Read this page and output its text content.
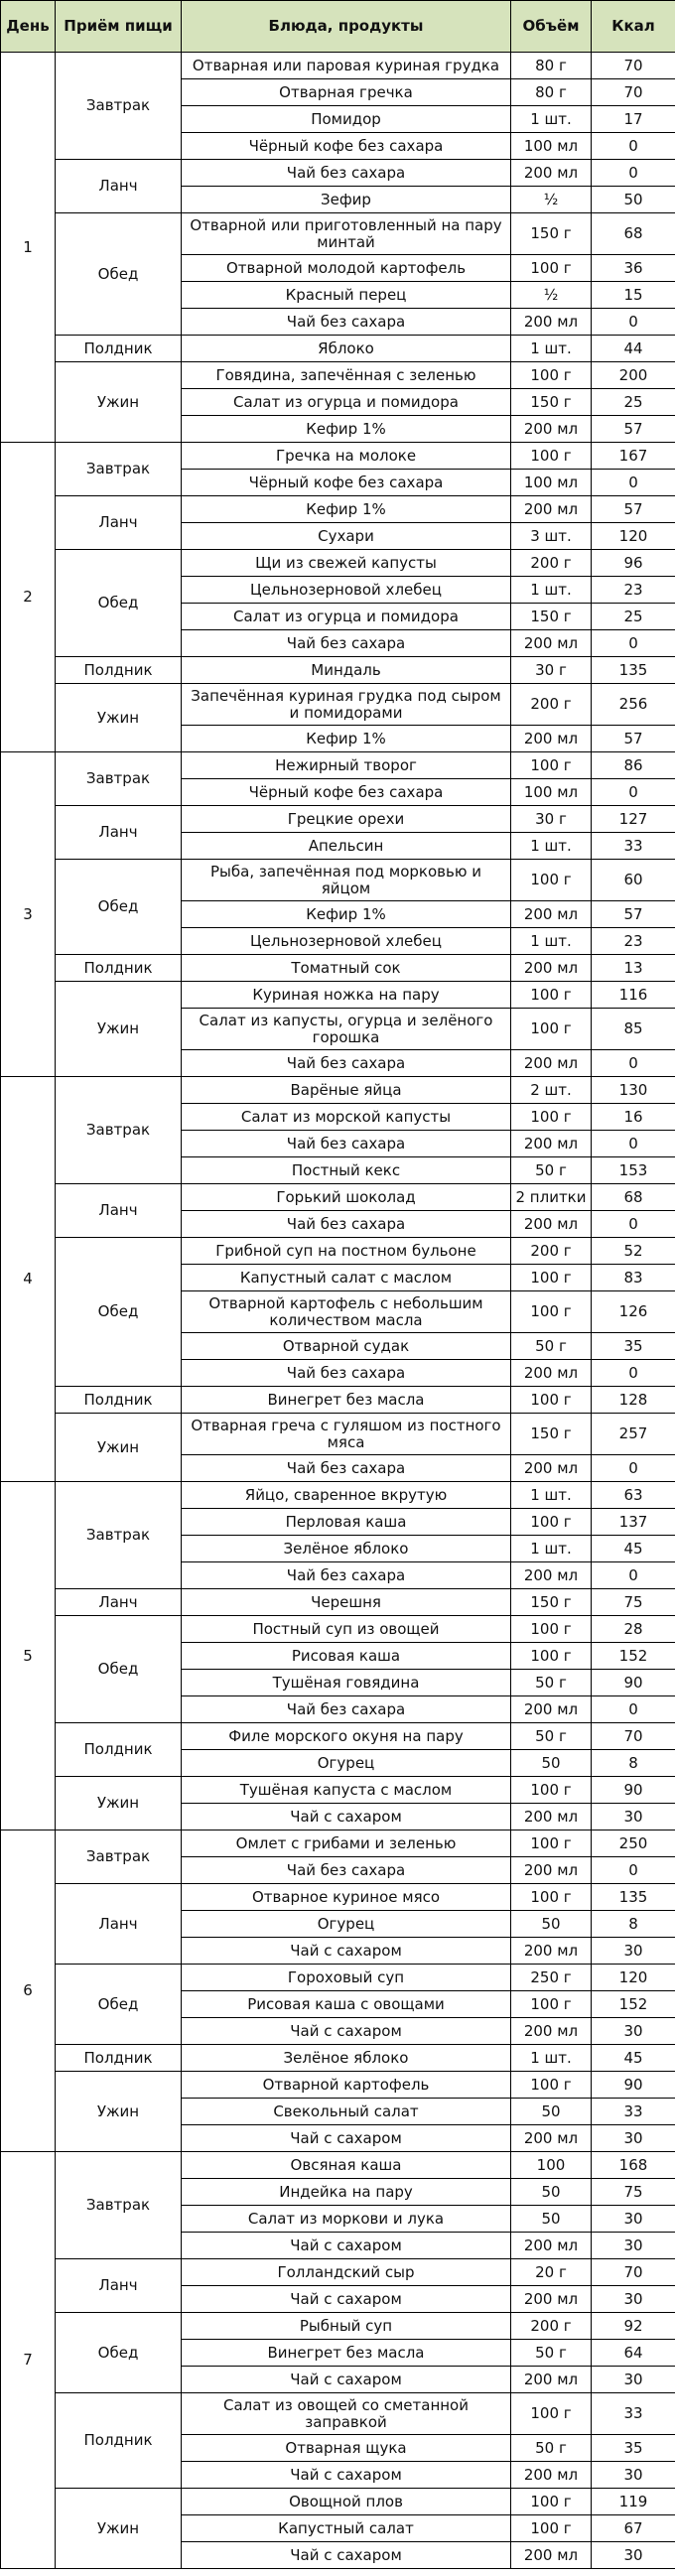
День	Приём пищи	Блюда, продукты	Объём	Ккал
1	Завтрак	Отварная или паровая куриная грудка	80 г	70
		Отварная гречка	80 г	70
		Помидор	1 шт.	17
		Чёрный кофе без сахара	100 мл	0
	Ланч	Чай без сахара	200 мл	0
		Зефир	½	50
	Обед	Отварной или приготовленный на пару минтай	150 г	68
		Отварной молодой картофель	100 г	36
		Красный перец	½	15
		Чай без сахара	200 мл	0
	Полдник	Яблоко	1 шт.	44
	Ужин	Говядина, запечённая с зеленью	100 г	200
		Салат из огурца и помидора	150 г	25
		Кефир 1%	200 мл	57
2	Завтрак	Гречка на молоке	100 г	167
		Чёрный кофе без сахара	100 мл	0
	Ланч	Кефир 1%	200 мл	57
		Сухари	3 шт.	120
	Обед	Щи из свежей капусты	200 г	96
		Цельнозерновой хлебец	1 шт.	23
		Салат из огурца и помидора	150 г	25
		Чай без сахара	200 мл	0
	Полдник	Миндаль	30 г	135
	Ужин	Запечённая куриная грудка под сыром и помидорами	200 г	256
		Кефир 1%	200 мл	57
3	Завтрак	Нежирный творог	100 г	86
		Чёрный кофе без сахара	100 мл	0
	Ланч	Грецкие орехи	30 г	127
		Апельсин	1 шт.	33
	Обед	Рыба, запечённая под морковью и яйцом	100 г	60
		Кефир 1%	200 мл	57
		Цельнозерновой хлебец	1 шт.	23
	Полдник	Томатный сок	200 мл	13
	Ужин	Куриная ножка на пару	100 г	116
		Салат из капусты, огурца и зелёного горошка	100 г	85
		Чай без сахара	200 мл	0
4	Завтрак	Варёные яйца	2 шт.	130
		Салат из морской капусты	100 г	16
		Чай без сахара	200 мл	0
		Постный кекс	50 г	153
	Ланч	Горький шоколад	2 плитки	68
		Чай без сахара	200 мл	0
	Обед	Грибной суп на постном бульоне	200 г	52
		Капустный салат с маслом	100 г	83
		Отварной картофель с небольшим количеством масла	100 г	126
		Отварной судак	50 г	35
		Чай без сахара	200 мл	0
	Полдник	Винегрет без масла	100 г	128
	Ужин	Отварная греча с гуляшом из постного мяса	150 г	257
		Чай без сахара	200 мл	0
5	Завтрак	Яйцо, сваренное вкрутую	1 шт.	63
		Перловая каша	100 г	137
		Зелёное яблоко	1 шт.	45
		Чай без сахара	200 мл	0
	Ланч	Черешня	150 г	75
	Обед	Постный суп из овощей	100 г	28
		Рисовая каша	100 г	152
		Тушёная говядина	50 г	90
		Чай без сахара	200 мл	0
	Полдник	Филе морского окуня на пару	50 г	70
		Огурец	50	8
	Ужин	Тушёная капуста с маслом	100 г	90
		Чай с сахаром	200 мл	30
6	Завтрак	Омлет с грибами и зеленью	100 г	250
		Чай без сахара	200 мл	0
	Ланч	Отварное куриное мясо	100 г	135
		Огурец	50	8
		Чай с сахаром	200 мл	30
	Обед	Гороховый суп	250 г	120
		Рисовая каша с овощами	100 г	152
		Чай с сахаром	200 мл	30
	Полдник	Зелёное яблоко	1 шт.	45
	Ужин	Отварной картофель	100 г	90
		Свекольный салат	50	33
		Чай с сахаром	200 мл	30
7	Завтрак	Овсяная каша	100	168
		Индейка на пару	50	75
		Салат из моркови и лука	50	30
		Чай с сахаром	200 мл	30
	Ланч	Голландский сыр	20 г	70
		Чай с сахаром	200 мл	30
	Обед	Рыбный суп	200 г	92
		Винегрет без масла	50 г	64
		Чай с сахаром	200 мл	30
	Полдник	Салат из овощей со сметанной заправкой	100 г	33
		Отварная щука	50 г	35
		Чай с сахаром	200 мл	30
	Ужин	Овощной плов	100 г	119
		Капустный салат	100 г	67
		Чай с сахаром	200 мл	30
